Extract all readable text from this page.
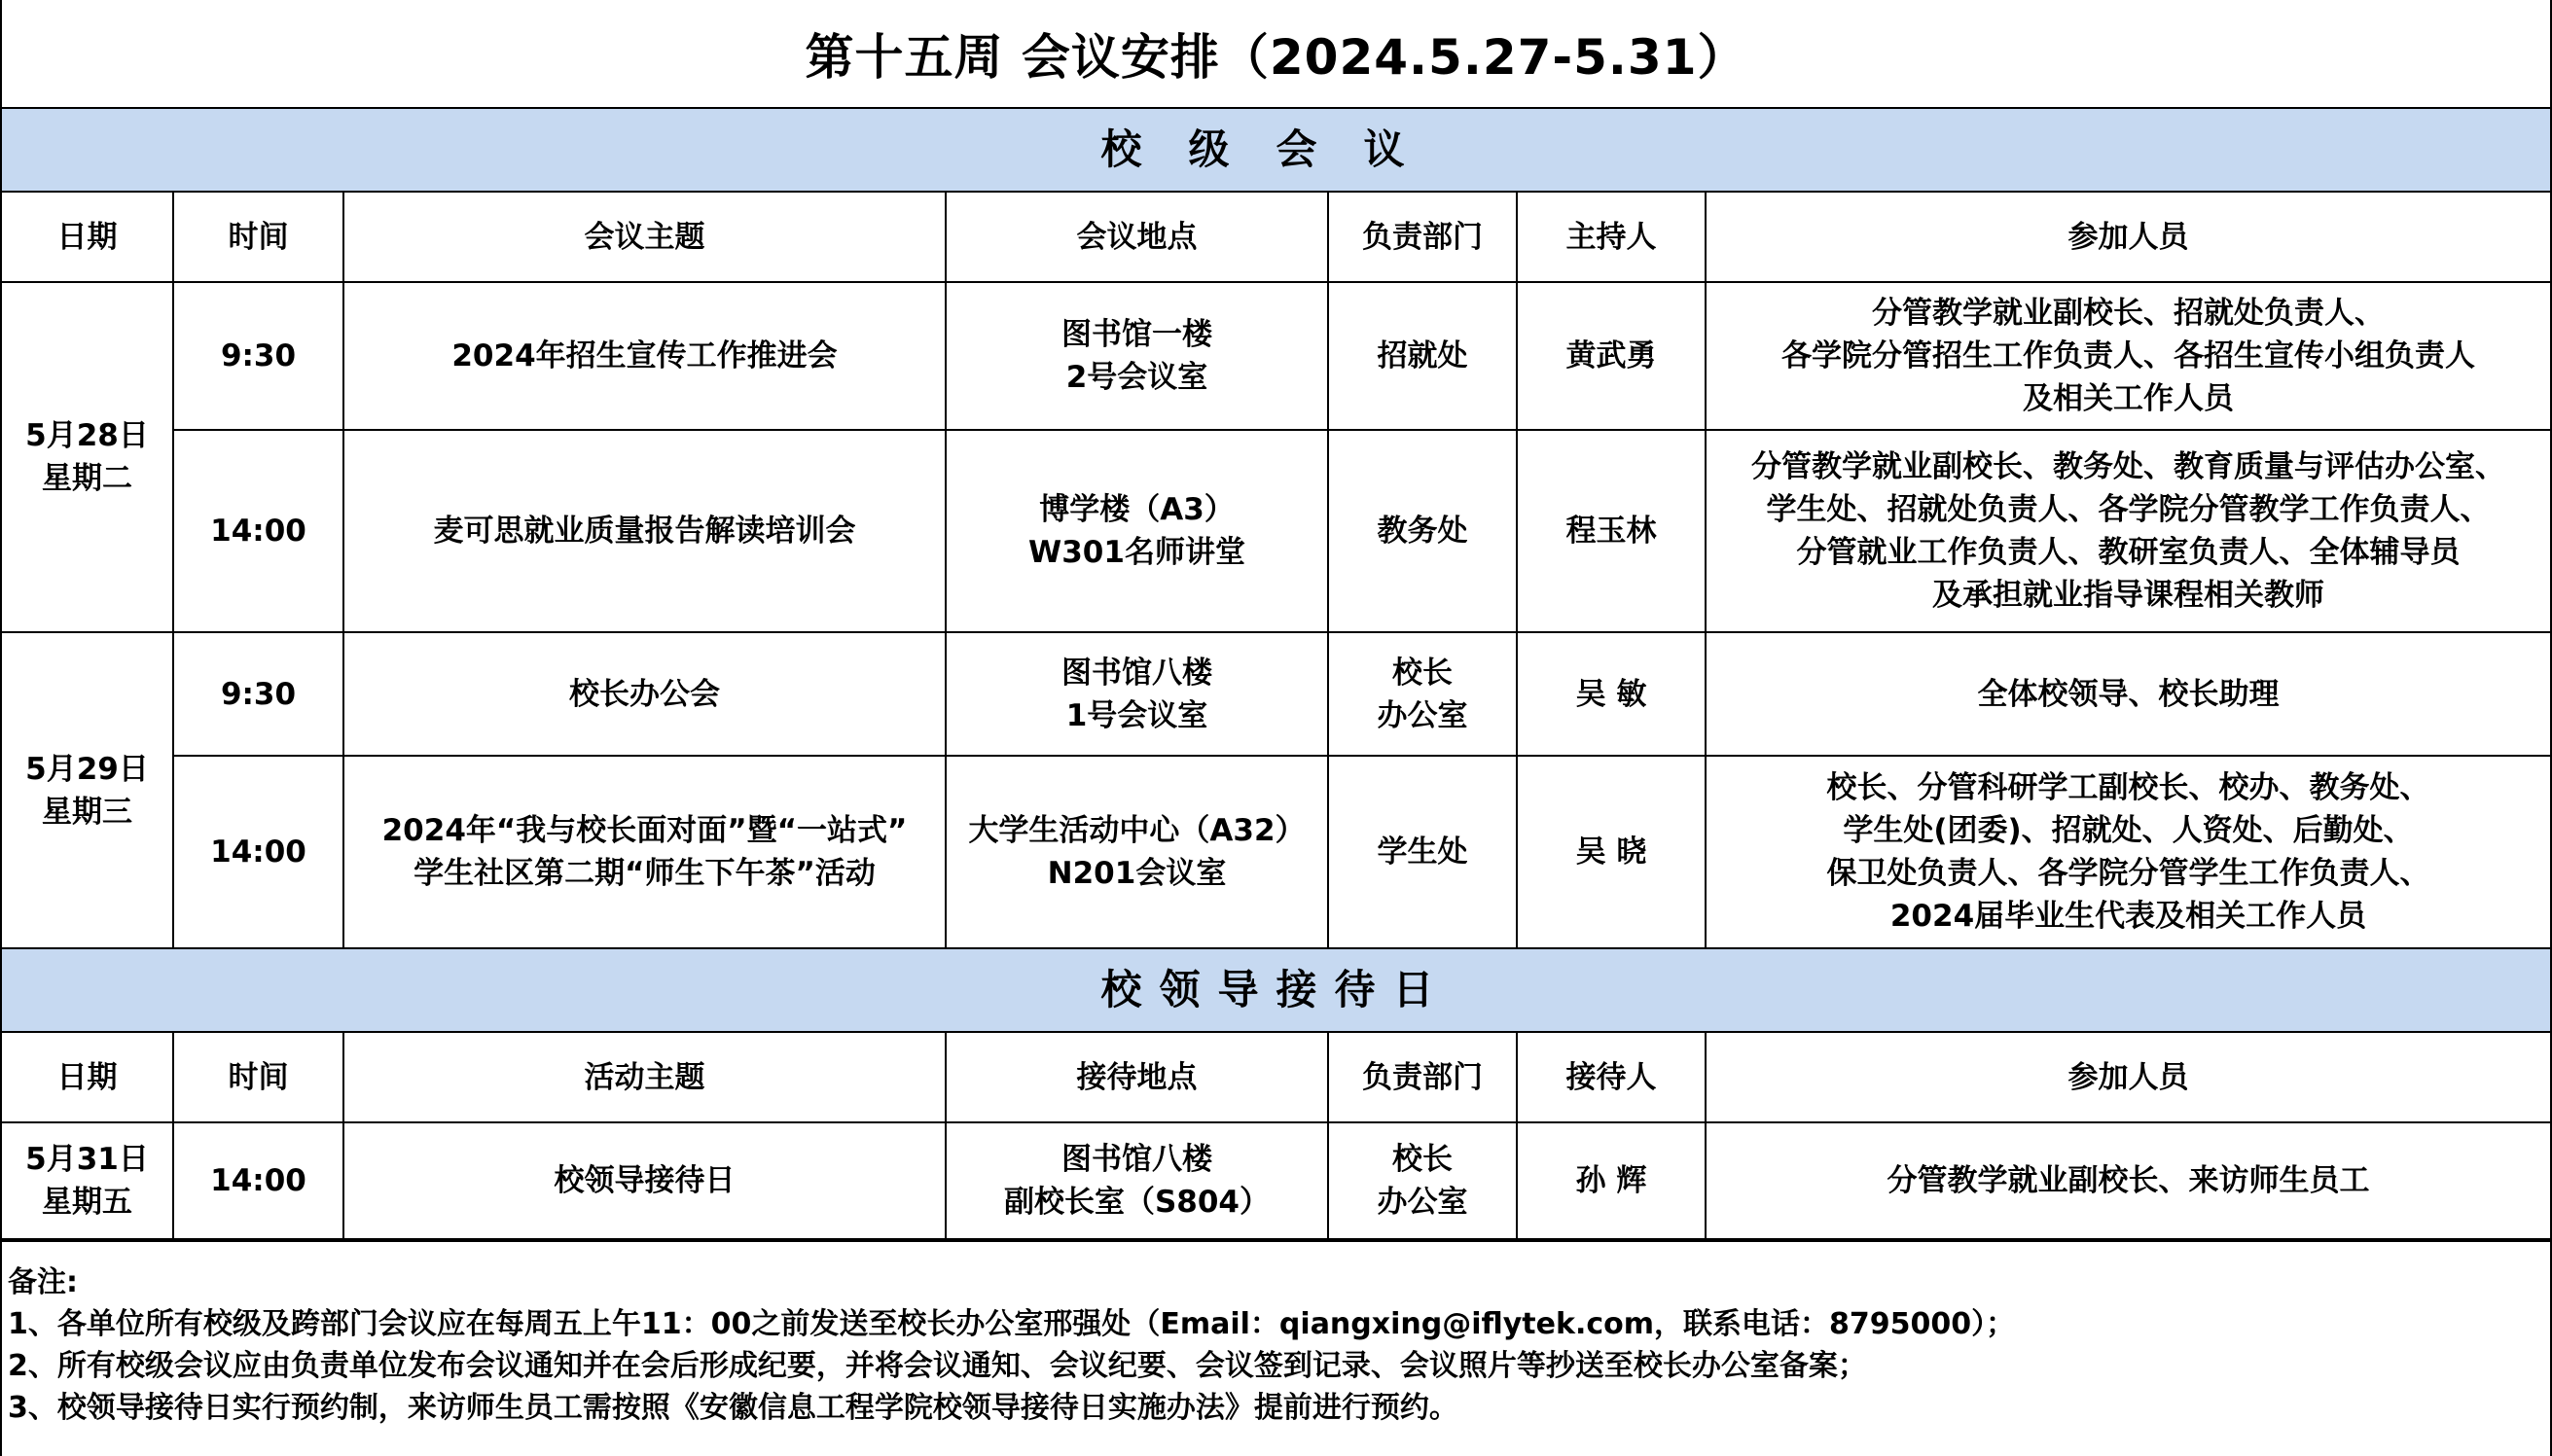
第十五周 会议安排（2024.5.27-5.31）
校级会议						
日期	时间	会议主题	会议地点	负责部门	主持人	参加人员

5月28日
星期二	9:30	2024年招生宣传工作推进会	图书馆一楼
2号会议室	招就处	黄武勇	分管教学就业副校长、招就处负责人、
各学院分管招生工作负责人、各招生宣传小组负责人
及相关工作人员

	14:00	麦可思就业质量报告解读培训会	博学楼（A3）
W301名师讲堂	教务处	程玉林	分管教学就业副校长、教务处、教育质量与评估办公室、
学生处、招就处负责人、各学院分管教学工作负责人、
分管就业工作负责人、教研室负责人、全体辅导员
及承担就业指导课程相关教师

5月29日
星期三	9:30	校长办公会	图书馆八楼
1号会议室	校长
办公室	吴 敏	全体校领导、校长助理

	14:00	2024年“我与校长面对面”暨“一站式”
学生社区第二期“师生下午茶”活动	大学生活动中心（A32）
N201会议室	学生处	吴 晓	校长、分管科研学工副校长、校办、教务处、
学生处(团委)、招就处、人资处、后勤处、
保卫处负责人、各学院分管学生工作负责人、
2024届毕业生代表及相关工作人员

校领导接待日						
日期	时间	活动主题	接待地点	负责部门	接待人	参加人员

5月31日
星期五	14:00	校领导接待日	图书馆八楼
副校长室（S804）	校长
办公室	孙 辉	分管教学就业副校长、来访师生员工
备注:
1、各单位所有校级及跨部门会议应在每周五上午11：00之前发送至校长办公室邢强处（Email：qiangxing@iflytek.com，联系电话：8795000）；
2、所有校级会议应由负责单位发布会议通知并在会后形成纪要，并将会议通知、会议纪要、会议签到记录、会议照片等抄送至校长办公室备案；
3、校领导接待日实行预约制，来访师生员工需按照《安徽信息工程学院校领导接待日实施办法》提前进行预约。
